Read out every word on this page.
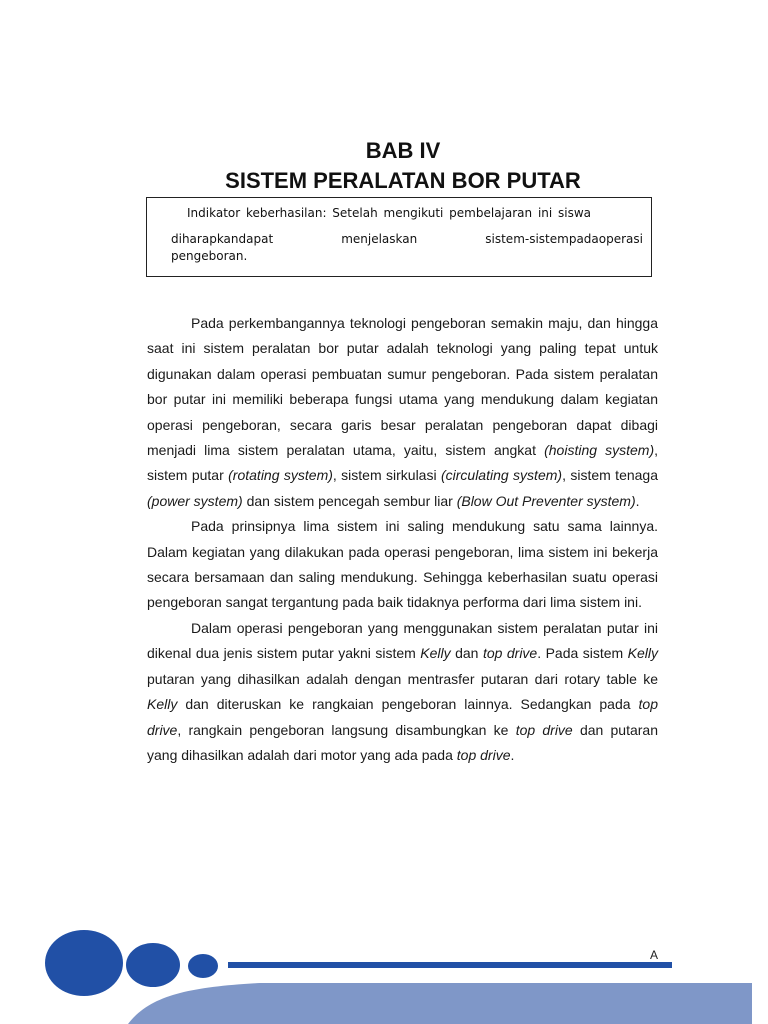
BAB IV
SISTEM PERALATAN BOR PUTAR
Indikator keberhasilan: Setelah mengikuti pembelajaran ini siswa
diharapkandapat	menjelaskan	sistem-sistempadaoperasi
pengeboran.

Pada perkembangannya teknologi pengeboran semakin maju, dan hingga saat ini sistem peralatan bor putar adalah teknologi yang paling tepat untuk digunakan dalam operasi pembuatan sumur pengeboran. Pada sistem peralatan bor putar ini memiliki beberapa fungsi utama yang mendukung dalam kegiatan operasi pengeboran, secara garis besar peralatan pengeboran dapat dibagi menjadi lima sistem peralatan utama, yaitu, sistem angkat (hoisting system), sistem putar (rotating system), sistem sirkulasi (circulating system), sistem tenaga (power system) dan sistem pencegah sembur liar (Blow Out Preventer system).

Pada prinsipnya lima sistem ini saling mendukung satu sama lainnya. Dalam kegiatan yang dilakukan pada operasi pengeboran, lima sistem ini bekerja secara bersamaan dan saling mendukung. Sehingga keberhasilan suatu operasi pengeboran sangat tergantung pada baik tidaknya performa dari lima sistem ini.

Dalam operasi pengeboran yang menggunakan sistem peralatan putar ini dikenal dua jenis sistem putar yakni sistem Kelly dan top drive. Pada sistem Kelly putaran yang dihasilkan adalah dengan mentrasfer putaran dari rotary table ke Kelly dan diteruskan ke rangkaian pengeboran lainnya. Sedangkan pada top drive, rangkain pengeboran langsung disambungkan ke top drive dan putaran yang dihasilkan adalah dari motor yang ada pada top drive.

A
